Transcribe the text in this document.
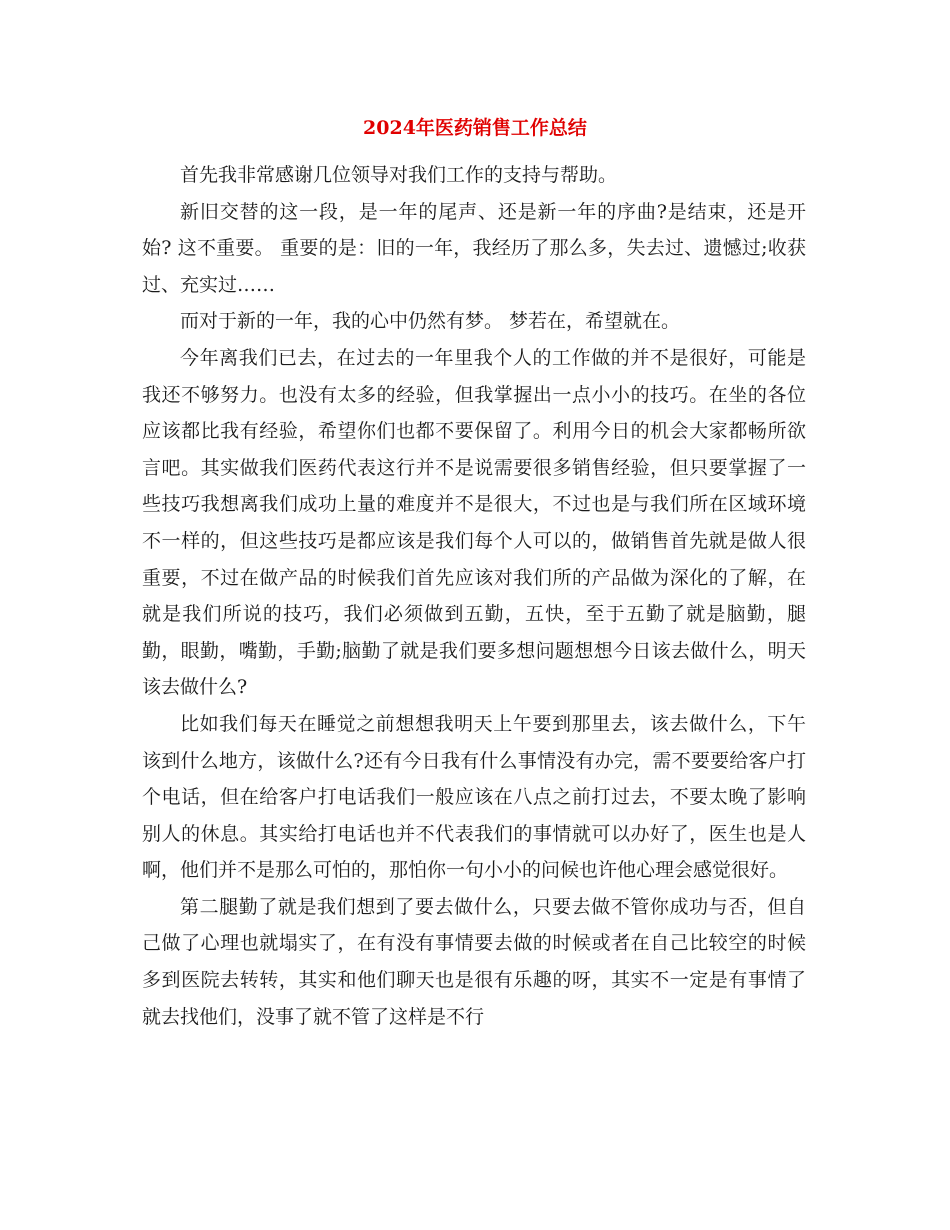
2024年医药销售工作总结

首先我非常感谢几位领导对我们工作的支持与帮助。

新旧交替的这一段，是一年的尾声、还是新一年的序曲?是结束，还是开始? 这不重要。 重要的是：旧的一年，我经历了那么多，失去过、遗憾过;收获过、充实过……

而对于新的一年，我的心中仍然有梦。 梦若在，希望就在。

今年离我们已去，在过去的一年里我个人的工作做的并不是很好，可能是我还不够努力。也没有太多的经验，但我掌握出一点小小的技巧。在坐的各位应该都比我有经验，希望你们也都不要保留了。利用今日的机会大家都畅所欲言吧。其实做我们医药代表这行并不是说需要很多销售经验，但只要掌握了一些技巧我想离我们成功上量的难度并不是很大，不过也是与我们所在区域环境不一样的，但这些技巧是都应该是我们每个人可以的，做销售首先就是做人很重要，不过在做产品的时候我们首先应该对我们所的产品做为深化的了解，在就是我们所说的技巧，我们必须做到五勤，五快，至于五勤了就是脑勤，腿勤，眼勤，嘴勤，手勤;脑勤了就是我们要多想问题想想今日该去做什么，明天该去做什么?

比如我们每天在睡觉之前想想我明天上午要到那里去，该去做什么，下午该到什么地方，该做什么?还有今日我有什么事情没有办完，需不要要给客户打个电话，但在给客户打电话我们一般应该在八点之前打过去，不要太晚了影响别人的休息。其实给打电话也并不代表我们的事情就可以办好了，医生也是人啊，他们并不是那么可怕的，那怕你一句小小的问候也许他心理会感觉很好。

第二腿勤了就是我们想到了要去做什么，只要去做不管你成功与否，但自己做了心理也就塌实了，在有没有事情要去做的时候或者在自己比较空的时候多到医院去转转，其实和他们聊天也是很有乐趣的呀，其实不一定是有事情了就去找他们，没事了就不管了这样是不行
